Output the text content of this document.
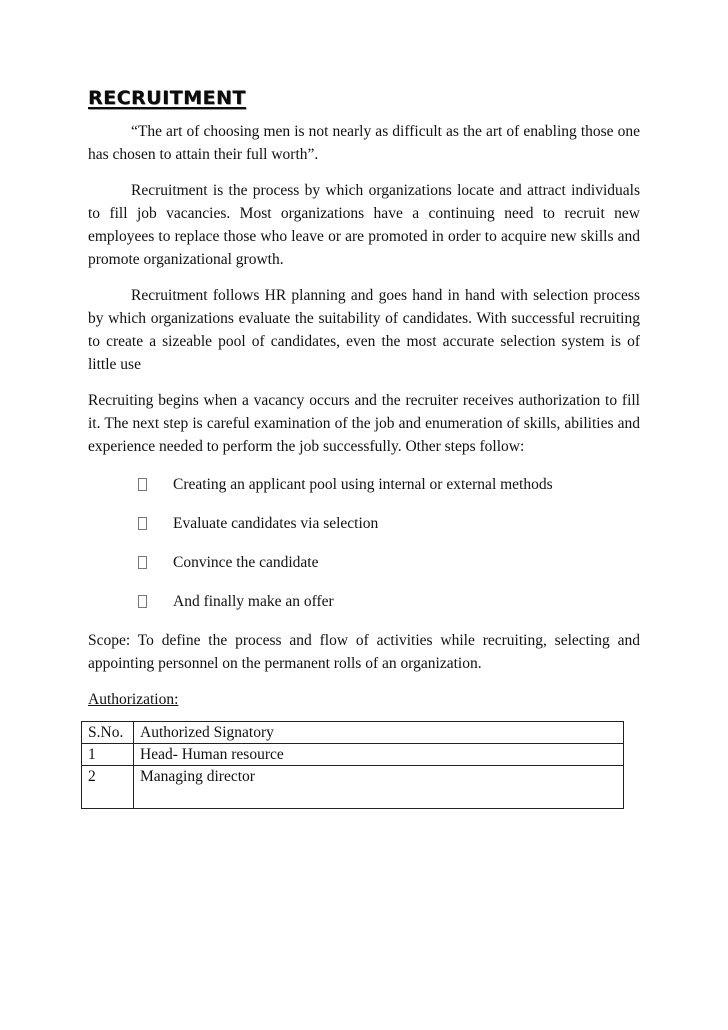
RECRUITMENT

“The art of choosing men is not nearly as difficult as the art of enabling those one has chosen to attain their full worth”.

Recruitment is the process by which organizations locate and attract individuals to fill job vacancies. Most organizations have a continuing need to recruit new employees to replace those who leave or are promoted in order to acquire new skills and promote organizational growth.

Recruitment follows HR planning and goes hand in hand with selection process by which organizations evaluate the suitability of candidates. With successful recruiting to create a sizeable pool of candidates, even the most accurate selection system is of little use

Recruiting begins when a vacancy occurs and the recruiter receives authorization to fill it. The next step is careful examination of the job and enumeration of skills, abilities and experience needed to perform the job successfully. Other steps follow:

Creating an applicant pool using internal or external methods
Evaluate candidates via selection
Convince the candidate
And finally make an offer

Scope: To define the process and flow of activities while recruiting, selecting and appointing personnel on the permanent rolls of an organization.

Authorization:
S.No.	Authorized Signatory
1	Head- Human resource
2	Managing director
